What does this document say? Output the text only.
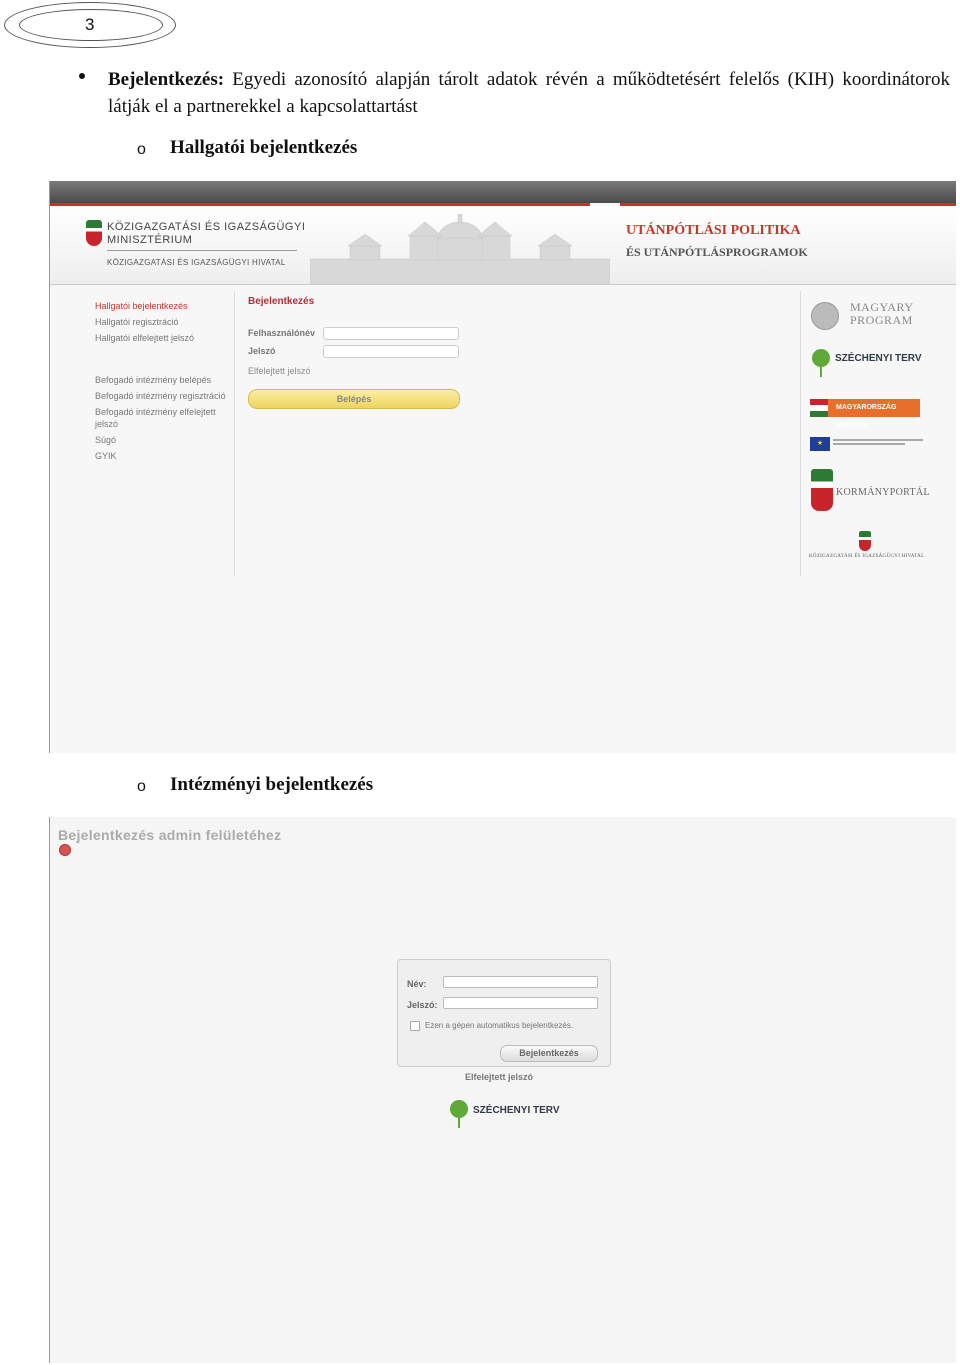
3
Bejelentkezés: Egyedi azonosító alapján tárolt adatok révén a működtetésért felelős (KIH) koordinátorok látják el a partnerekkel a kapcsolattartást
o Hallgatói bejelentkezés
KÖZIGAZGATÁSI ÉS IGAZSÁGÜGYI
MINISZTÉRIUM
KÖZIGAZGATÁSI ÉS IGAZSÁGÜGYI HIVATAL
UTÁNPÓTLÁSI POLITIKA
ÉS UTÁNPÓTLÁSPROGRAMOK
Hallgatói bejelentkezés
Hallgatói regisztráció
Hallgatói elfelejtett jelszó
Befogadó intézmény belépés
Befogadó intézmény regisztráció
Befogadó intézmény elfelejtett jelszó
Súgó
GYIK
Bejelentkezés
Felhasználónév
Jelszó
Elfelejtett jelszó
Belépés
MAGYARY
PROGRAM
SZÉCHENYI TERV
MAGYARORSZÁG MEGÚJUL
★
KORMÁNYPORTÁL
KÖZIGAZGATÁSI ÉS IGAZSÁGÜGYI HIVATAL
o Intézményi bejelentkezés
Bejelentkezés admin felületéhez
Név:
Jelszó:
Ezen a gépen automatikus bejelentkezés.
Bejelentkezés
Elfelejtett jelszó
SZÉCHENYI TERV
